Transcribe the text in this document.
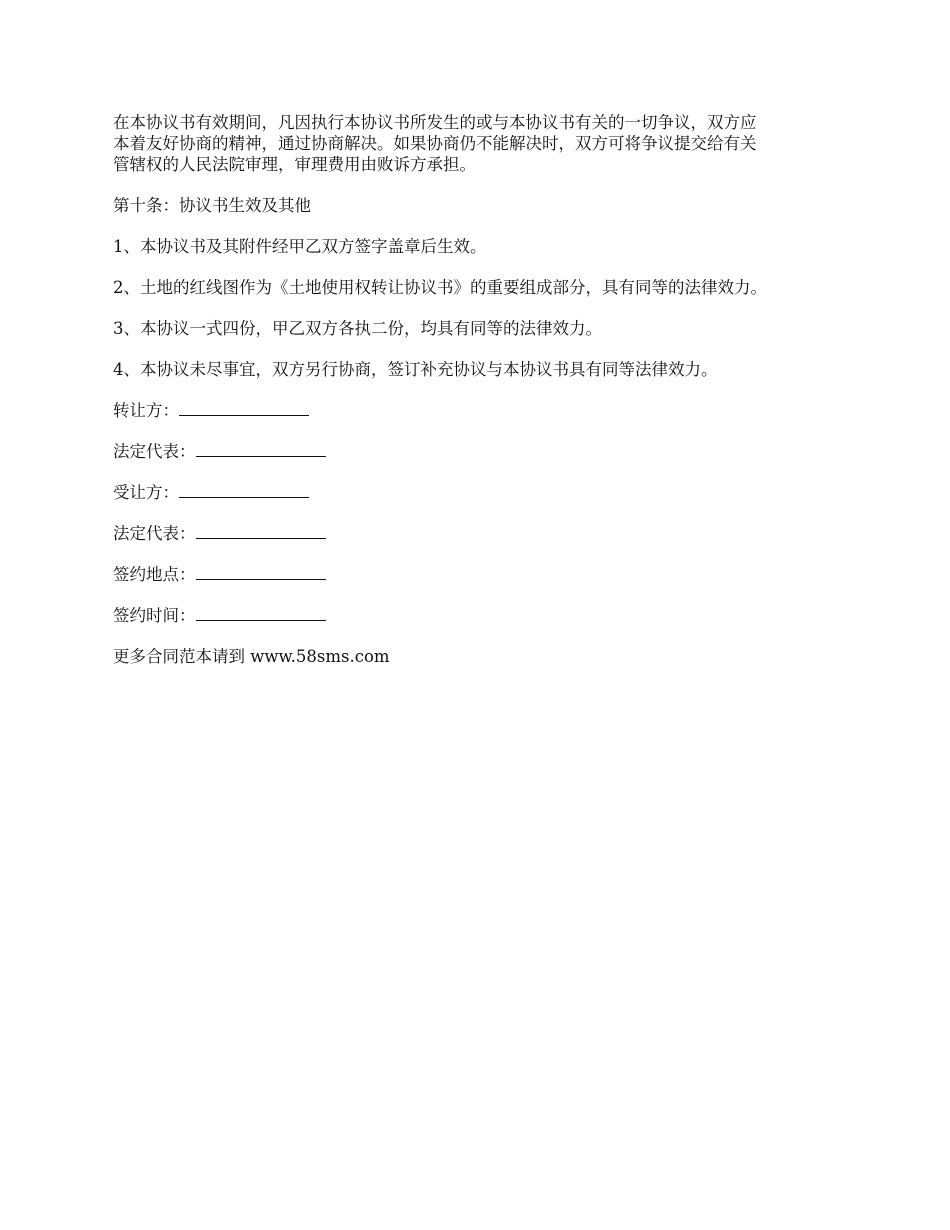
在本协议书有效期间，凡因执行本协议书所发生的或与本协议书有关的一切争议，双方应
本着友好协商的精神，通过协商解决。如果协商仍不能解决时，双方可将争议提交给有关
管辖权的人民法院审理，审理费用由败诉方承担。
第十条：协议书生效及其他
1、本协议书及其附件经甲乙双方签字盖章后生效。
2、土地的红线图作为《土地使用权转让协议书》的重要组成部分，具有同等的法律效力。
3、本协议一式四份，甲乙双方各执二份，均具有同等的法律效力。
4、本协议未尽事宜，双方另行协商，签订补充协议与本协议书具有同等法律效力。
转让方：
法定代表：
受让方：
法定代表：
签约地点：
签约时间：
更多合同范本请到 www.58sms.com
